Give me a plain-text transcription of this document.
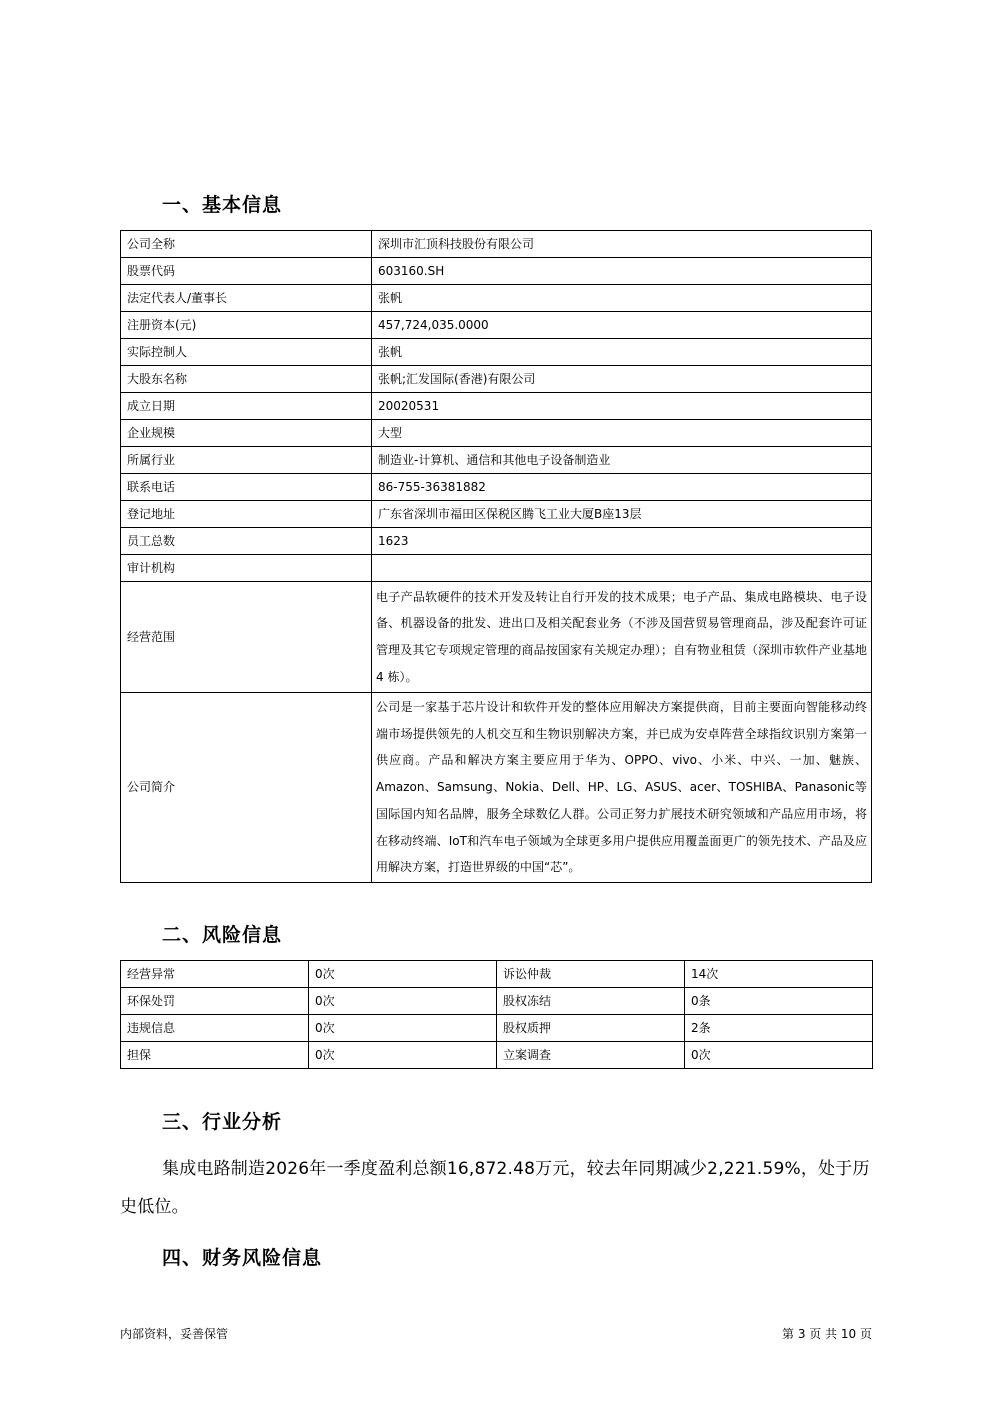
一、基本信息
公司全称	深圳市汇顶科技股份有限公司
股票代码	603160.SH
法定代表人/董事长	张帆
注册资本(元)	457,724,035.0000
实际控制人	张帆
大股东名称	张帆;汇发国际(香港)有限公司
成立日期	20020531
企业规模	大型
所属行业	制造业-计算机、通信和其他电子设备制造业
联系电话	86-755-36381882
登记地址	广东省深圳市福田区保税区腾飞工业大厦B座13层
员工总数	1623
审计机构	
经营范围	电子产品软硬件的技术开发及转让自行开发的技术成果；电子产品、集成电路模块、电子设备、机器设备的批发、进出口及相关配套业务（不涉及国营贸易管理商品，涉及配套许可证管理及其它专项规定管理的商品按国家有关规定办理）；自有物业租赁（深圳市软件产业基地 4 栋）。
公司简介	公司是一家基于芯片设计和软件开发的整体应用解决方案提供商，目前主要面向智能移动终端市场提供领先的人机交互和生物识别解决方案，并已成为安卓阵营全球指纹识别方案第一供应商。产品和解决方案主要应用于华为、OPPO、vivo、小米、中兴、一加、魅族、Amazon、Samsung、Nokia、Dell、HP、LG、ASUS、acer、TOSHIBA、Panasonic等国际国内知名品牌，服务全球数亿人群。公司正努力扩展技术研究领域和产品应用市场，将在移动终端、IoT和汽车电子领域为全球更多用户提供应用覆盖面更广的领先技术、产品及应用解决方案，打造世界级的中国“芯”。
二、风险信息
经营异常	0次	诉讼仲裁	14次
环保处罚	0次	股权冻结	0条
违规信息	0次	股权质押	2条
担保	0次	立案调查	0次
三、行业分析

集成电路制造2026年一季度盈利总额16,872.48万元，较去年同期减少2,221.59%，处于历史低位。

四、财务风险信息
内部资料，妥善保管	第 3 页 共 10 页
